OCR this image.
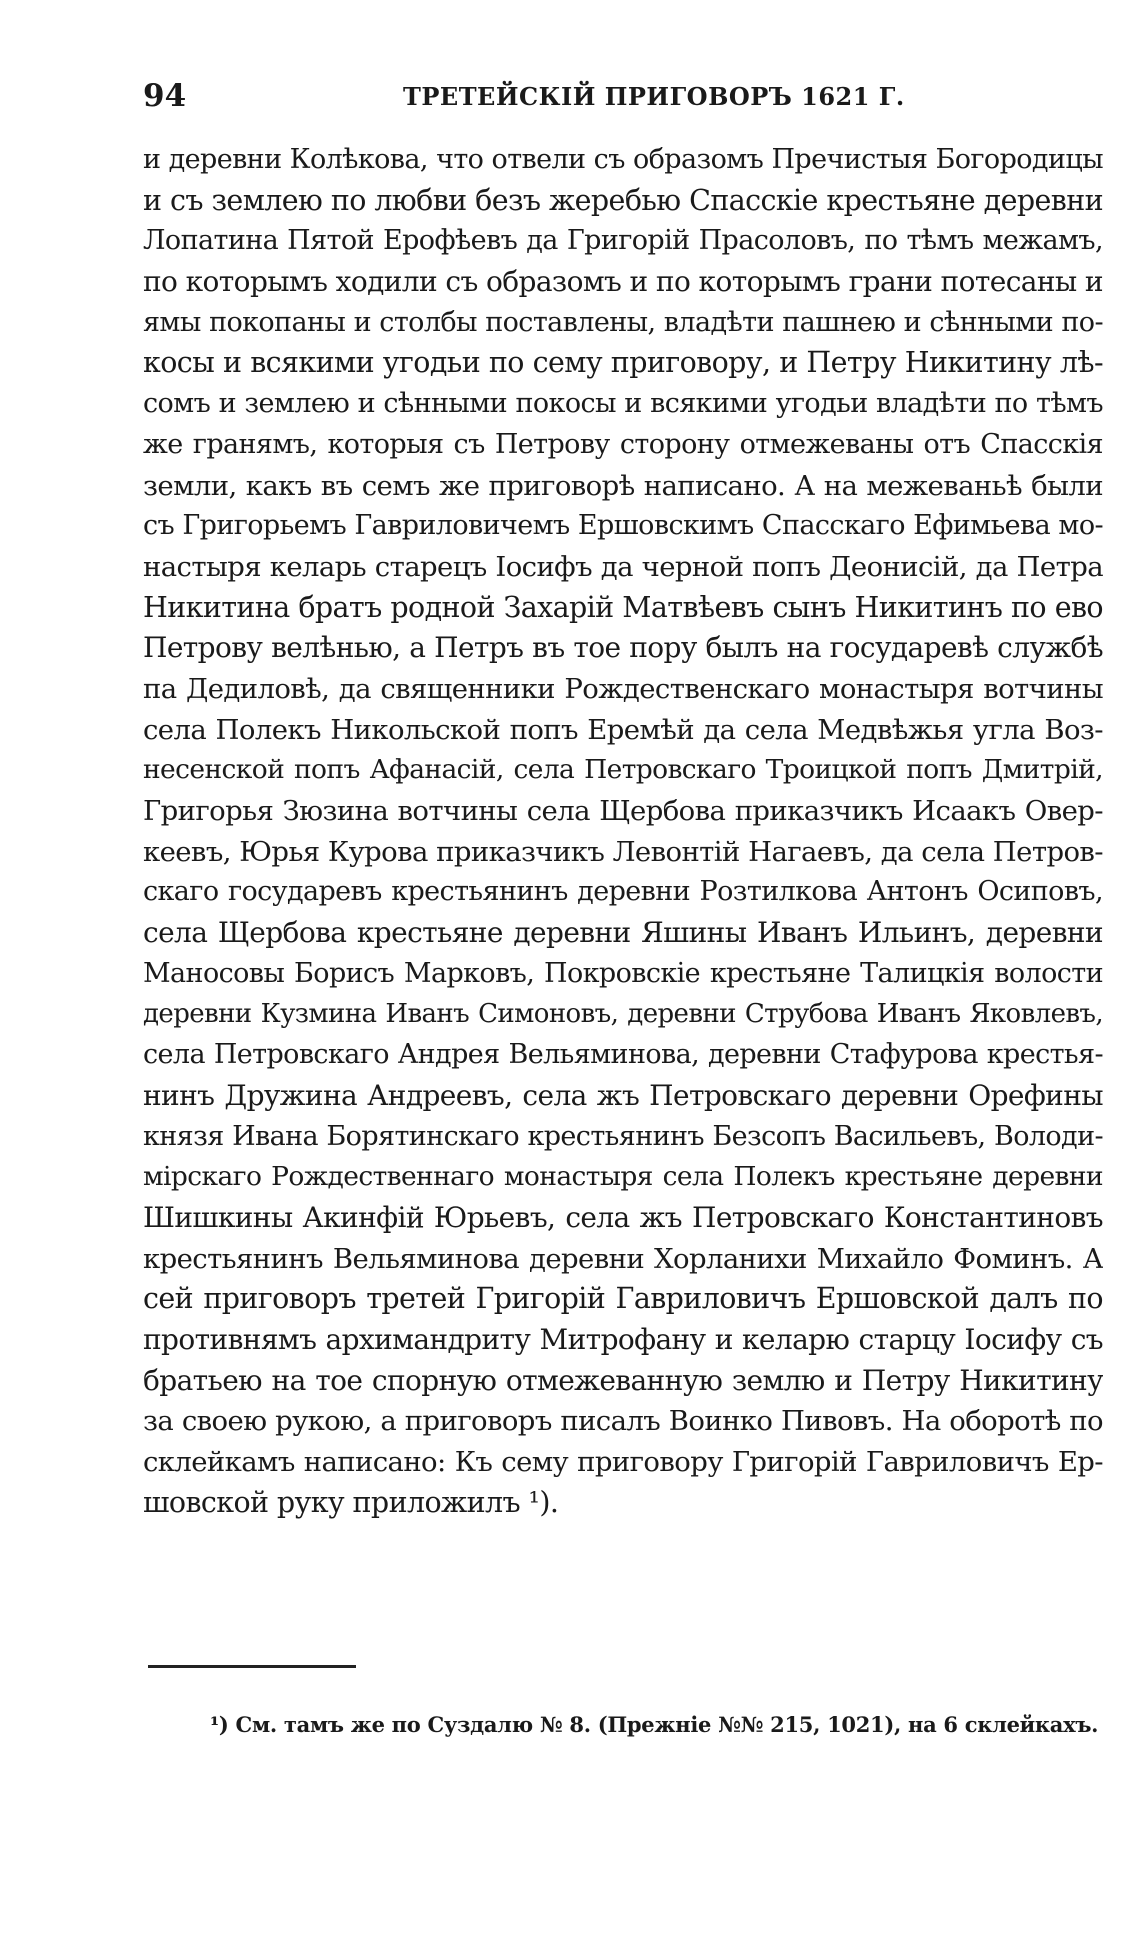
94	ТРЕТЕЙСКІЙ ПРИГОВОРЪ 1621 Г.
и деревни Колѣкова, что отвели съ образомъ Пречистыя Богородицы
и съ землею по любви безъ жеребью Спасскіе крестьяне деревни
Лопатина Пятой Ерофѣевъ да Григорій Прасоловъ, по тѣмъ межамъ,
по которымъ ходили съ образомъ и по которымъ грани потесаны и
ямы покопаны и столбы поставлены, владѣти пашнею и сѣнными по-
косы и всякими угодьи по сему приговору, и Петру Никитину лѣ-
сомъ и землею и сѣнными покосы и всякими угодьи владѣти по тѣмъ
же гранямъ, которыя съ Петрову сторону отмежеваны отъ Спасскія
земли, какъ въ семъ же приговорѣ написано. А на межеваньѣ были
съ Григорьемъ Гавриловичемъ Ершовскимъ Спасскаго Ефимьева мо-
настыря келарь старецъ Іосифъ да черной попъ Деонисій, да Петра
Никитина братъ родной Захарій Матвѣевъ сынъ Никитинъ по ево
Петрову велѣнью, а Петръ въ тое пору былъ на государевѣ службѣ
па Дедиловѣ, да священники Рождественскаго монастыря вотчины
села Полекъ Никольской попъ Еремѣй да села Медвѣжья угла Воз-
несенской попъ Афанасій, села Петровскаго Троицкой попъ Дмитрій,
Григорья Зюзина вотчины села Щербова приказчикъ Исаакъ Овер-
кеевъ, Юрья Курова приказчикъ Левонтій Нагаевъ, да села Петров-
скаго государевъ крестьянинъ деревни Розтилкова Антонъ Осиповъ,
села Щербова крестьяне деревни Яшины Иванъ Ильинъ, деревни
Маносовы Борисъ Марковъ, Покровскіе крестьяне Талицкія волости
деревни Кузмина Иванъ Симоновъ, деревни Струбова Иванъ Яковлевъ,
села Петровскаго Андрея Вельяминова, деревни Стафурова крестья-
нинъ Дружина Андреевъ, села жъ Петровскаго деревни Орефины
князя Ивана Борятинскаго крестьянинъ Безсопъ Васильевъ, Володи-
мірскаго Рождественнаго монастыря села Полекъ крестьяне деревни
Шишкины Акинфій Юрьевъ, села жъ Петровскаго Константиновъ
крестьянинъ Вельяминова деревни Хорланихи Михайло Фоминъ. А
сей приговоръ третей Григорій Гавриловичъ Ершовской далъ по
противнямъ архимандриту Митрофану и келарю старцу Іосифу съ
братьею на тое спорную отмежеванную землю и Петру Никитину
за своею рукою, а приговоръ писалъ Воинко Пивовъ. На оборотѣ по
склейкамъ написано: Къ сему приговору Григорій Гавриловичъ Ер-
шовской руку приложилъ ¹).
¹) См. тамъ же по Суздалю № 8. (Прежніе №№ 215, 1021), на 6 склейкахъ.
